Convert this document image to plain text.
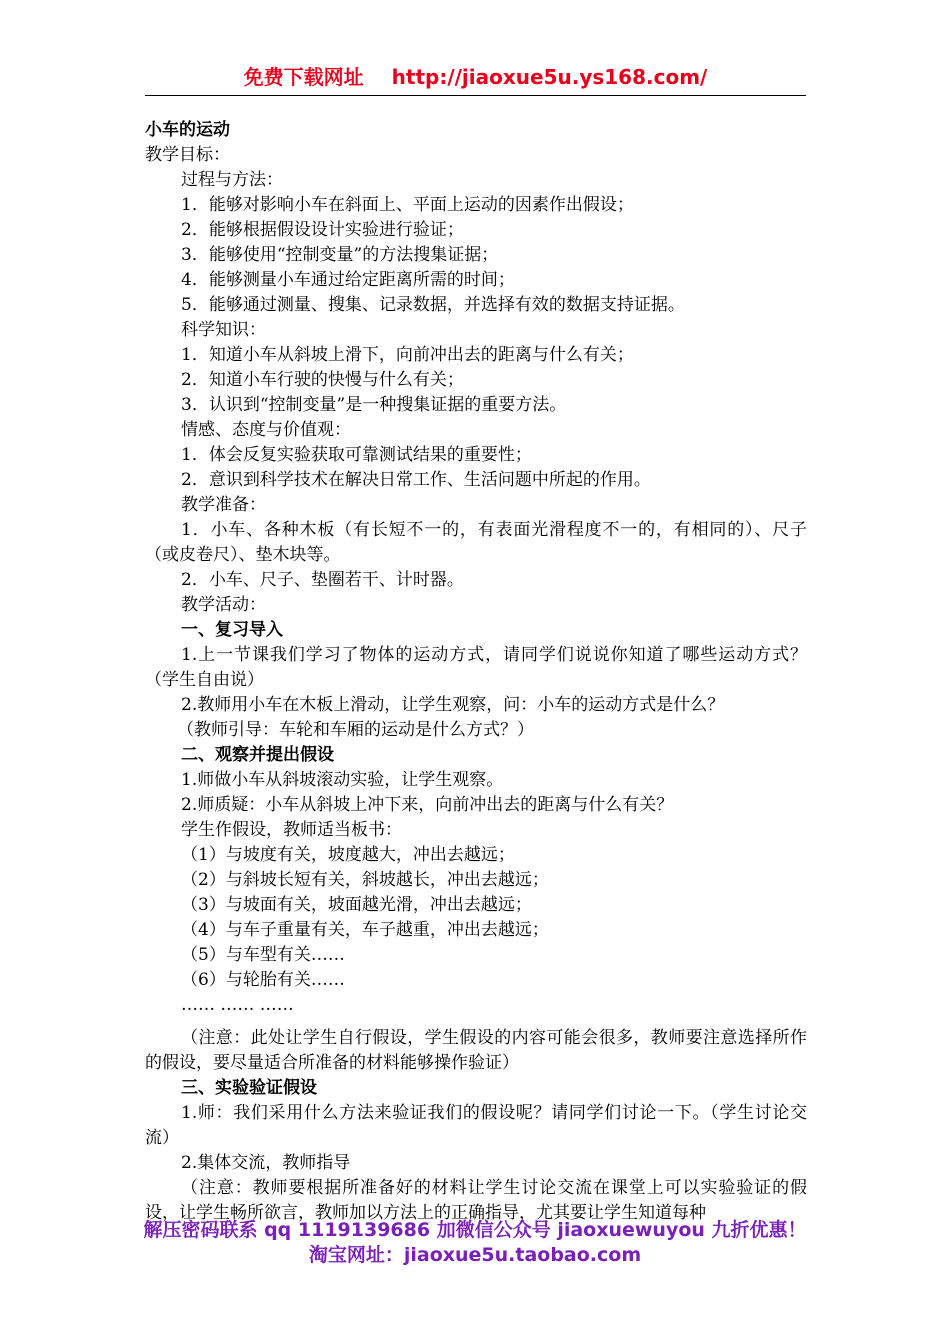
免费下载网址 http://jiaoxue5u.ys168.com/

小车的运动

教学目标：

过程与方法：

1．能够对影响小车在斜面上、平面上运动的因素作出假设；

2．能够根据假设设计实验进行验证；

3．能够使用“控制变量”的方法搜集证据；

4．能够测量小车通过给定距离所需的时间；

5．能够通过测量、搜集、记录数据，并选择有效的数据支持证据。

科学知识：

1．知道小车从斜坡上滑下，向前冲出去的距离与什么有关；

2．知道小车行驶的快慢与什么有关；

3．认识到“控制变量”是一种搜集证据的重要方法。

情感、态度与价值观：

1．体会反复实验获取可靠测试结果的重要性；

2．意识到科学技术在解决日常工作、生活问题中所起的作用。

教学准备：

1．小车、各种木板（有长短不一的，有表面光滑程度不一的，有相同的）、尺子（或皮卷尺）、垫木块等。

2．小车、尺子、垫圈若干、计时器。

教学活动：

一、复习导入

1.上一节课我们学习了物体的运动方式，请同学们说说你知道了哪些运动方式？（学生自由说）

2.教师用小车在木板上滑动，让学生观察，问：小车的运动方式是什么？

（教师引导：车轮和车厢的运动是什么方式？）

二、观察并提出假设

1.师做小车从斜坡滚动实验，让学生观察。

2.师质疑：小车从斜坡上冲下来，向前冲出去的距离与什么有关？

学生作假设，教师适当板书：

（1）与坡度有关，坡度越大，冲出去越远；

（2）与斜坡长短有关，斜坡越长，冲出去越远；

（3）与坡面有关，坡面越光滑，冲出去越远；

（4）与车子重量有关，车子越重，冲出去越远；

（5）与车型有关……

（6）与轮胎有关……

…… …… ……

（注意：此处让学生自行假设，学生假设的内容可能会很多，教师要注意选择所作的假设，要尽量适合所准备的材料能够操作验证）

三、实验验证假设

1.师：我们采用什么方法来验证我们的假设呢？请同学们讨论一下。（学生讨论交流）

2.集体交流，教师指导

（注意：教师要根据所准备好的材料让学生讨论交流在课堂上可以实验验证的假设，让学生畅所欲言，教师加以方法上的正确指导，尤其要让学生知道每种

解压密码联系 qq 1119139686 加微信公众号 jiaoxuewuyou 九折优惠！
淘宝网址：jiaoxue5u.taobao.com
